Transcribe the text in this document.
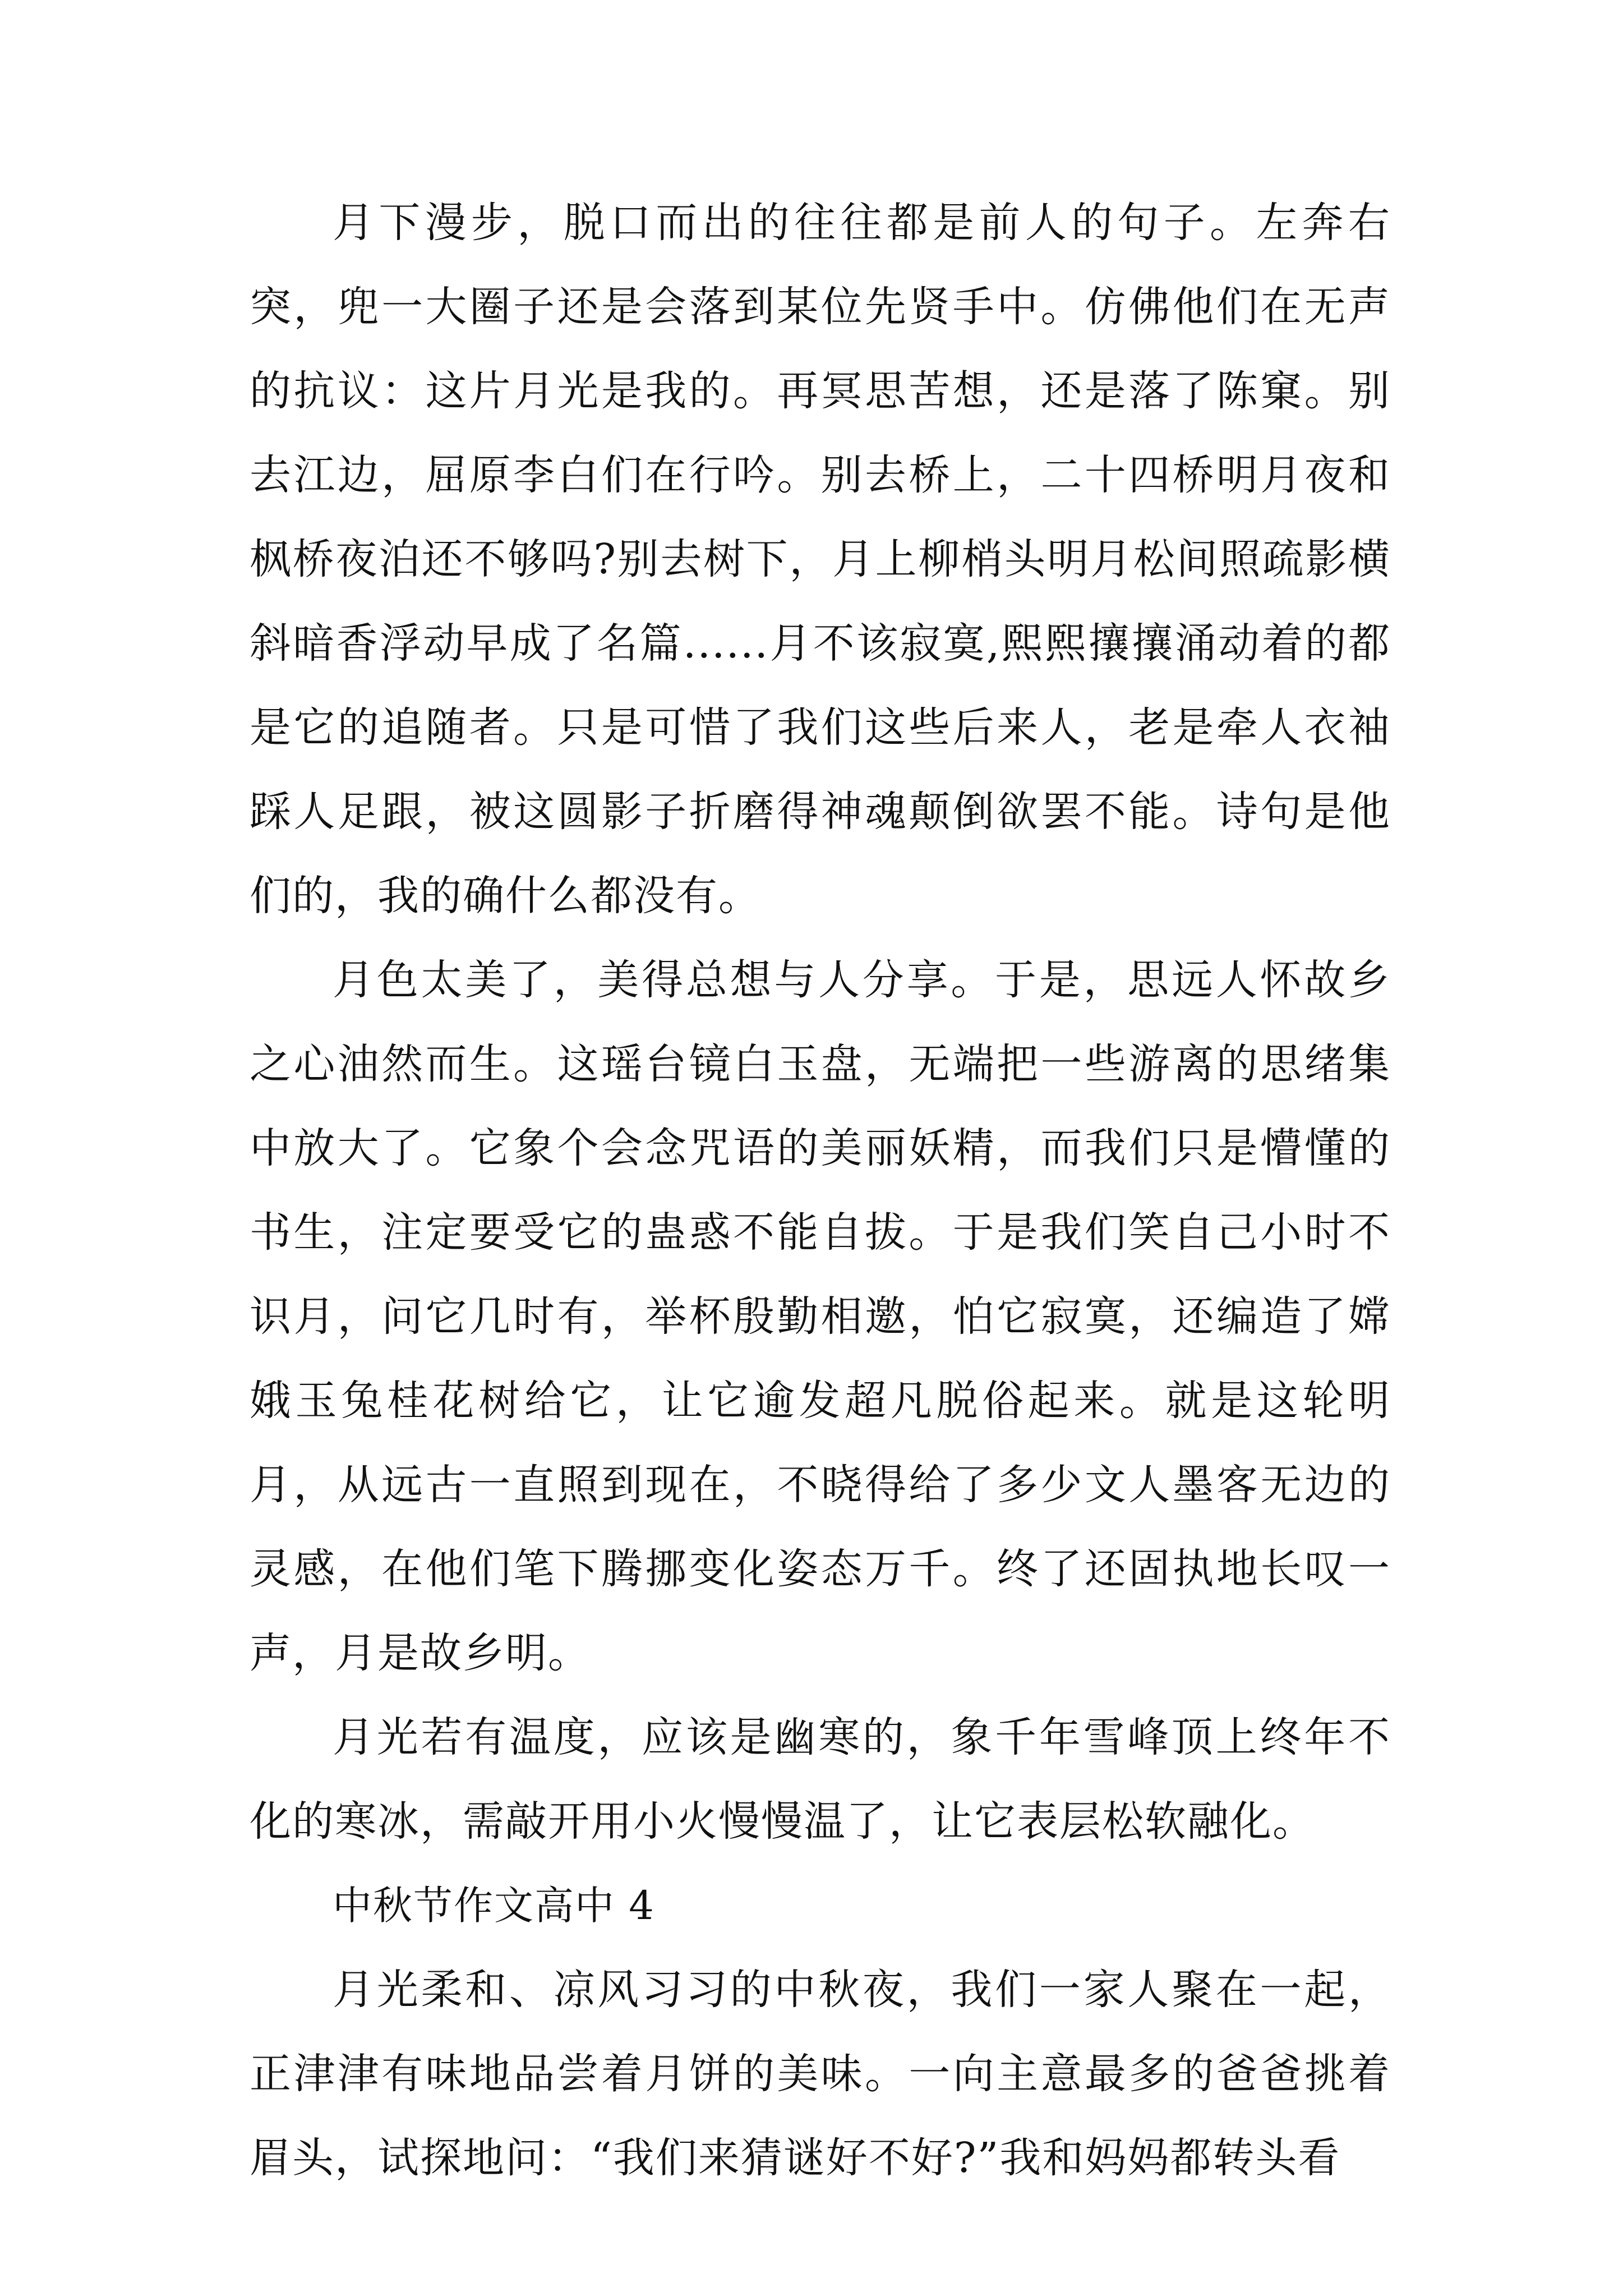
月下漫步，脱口而出的往往都是前人的句子。左奔右突，兜一大圈子还是会落到某位先贤手中。仿佛他们在无声的抗议：这片月光是我的。再冥思苦想，还是落了陈窠。别去江边，屈原李白们在行吟。别去桥上，二十四桥明月夜和枫桥夜泊还不够吗?别去树下，月上柳梢头明月松间照疏影横斜暗香浮动早成了名篇......月不该寂寞,熙熙攘攘涌动着的都是它的追随者。只是可惜了我们这些后来人，老是牵人衣袖踩人足跟，被这圆影子折磨得神魂颠倒欲罢不能。诗句是他们的，我的确什么都没有。

月色太美了，美得总想与人分享。于是，思远人怀故乡之心油然而生。这瑶台镜白玉盘，无端把一些游离的思绪集中放大了。它象个会念咒语的美丽妖精，而我们只是懵懂的书生，注定要受它的蛊惑不能自拔。于是我们笑自己小时不识月，问它几时有，举杯殷勤相邀，怕它寂寞，还编造了嫦娥玉兔桂花树给它，让它逾发超凡脱俗起来。就是这轮明月，从远古一直照到现在，不晓得给了多少文人墨客无边的灵感，在他们笔下腾挪变化姿态万千。终了还固执地长叹一声，月是故乡明。

月光若有温度，应该是幽寒的，象千年雪峰顶上终年不化的寒冰，需敲开用小火慢慢温了，让它表层松软融化。

中秋节作文高中 4

月光柔和、凉风习习的中秋夜，我们一家人聚在一起，正津津有味地品尝着月饼的美味。一向主意最多的爸爸挑着眉头，试探地问：“我们来猜谜好不好?”我和妈妈都转头看
